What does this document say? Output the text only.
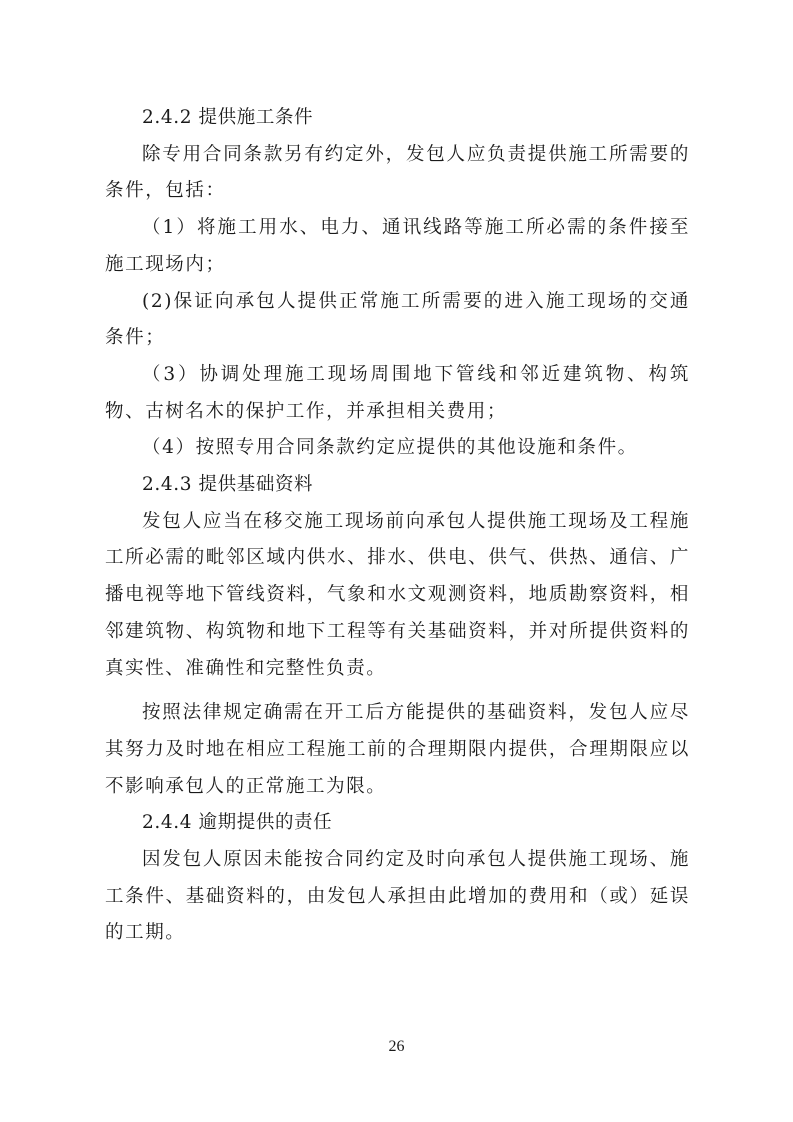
2.4.2 提供施工条件

除专用合同条款另有约定外，发包人应负责提供施工所需要的条件，包括：

（1）将施工用水、电力、通讯线路等施工所必需的条件接至施工现场内；

(2)保证向承包人提供正常施工所需要的进入施工现场的交通条件；

（3）协调处理施工现场周围地下管线和邻近建筑物、构筑物、古树名木的保护工作，并承担相关费用；

（4）按照专用合同条款约定应提供的其他设施和条件。

2.4.3 提供基础资料

发包人应当在移交施工现场前向承包人提供施工现场及工程施工所必需的毗邻区域内供水、排水、供电、供气、供热、通信、广播电视等地下管线资料，气象和水文观测资料，地质勘察资料，相邻建筑物、构筑物和地下工程等有关基础资料，并对所提供资料的真实性、准确性和完整性负责。

按照法律规定确需在开工后方能提供的基础资料，发包人应尽其努力及时地在相应工程施工前的合理期限内提供，合理期限应以不影响承包人的正常施工为限。

2.4.4 逾期提供的责任

因发包人原因未能按合同约定及时向承包人提供施工现场、施工条件、基础资料的，由发包人承担由此增加的费用和（或）延误的工期。

26
